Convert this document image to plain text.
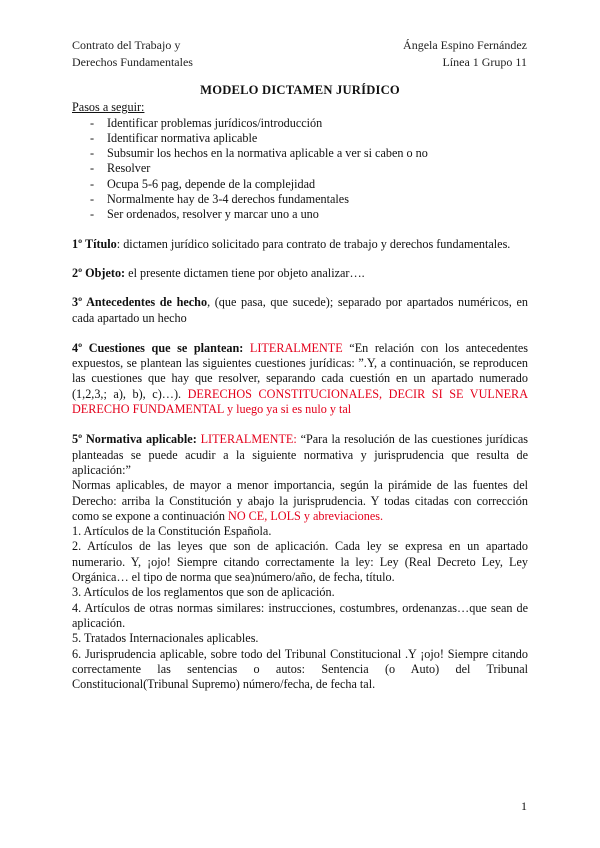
Contrato del Trabajo y
Derechos Fundamentales
Ángela Espino Fernández
Línea 1 Grupo 11
MODELO DICTAMEN JURÍDICO

Pasos a seguir:

- Identificar problemas jurídicos/introducción
- Identificar normativa aplicable
- Subsumir los hechos en la normativa aplicable a ver si caben o no
- Resolver
- Ocupa 5-6 pag, depende de la complejidad
- Normalmente hay de 3-4 derechos fundamentales
- Ser ordenados, resolver y marcar uno a uno

1º Título: dictamen jurídico solicitado para contrato de trabajo y derechos fundamentales.

2º Objeto: el presente dictamen tiene por objeto analizar….

3º Antecedentes de hecho, (que pasa, que sucede); separado por apartados numéricos, en cada apartado un hecho

4º Cuestiones que se plantean: LITERALMENTE “En relación con los antecedentes expuestos, se plantean las siguientes cuestiones jurídicas: ”.Y, a continuación, se reproducen las cuestiones que hay que resolver, separando cada cuestión en un apartado numerado (1,2,3,; a), b), c)…). DERECHOS CONSTITUCIONALES, DECIR SI SE VULNERA DERECHO FUNDAMENTAL y luego ya si es nulo y tal

5º Normativa aplicable: LITERALMENTE: “Para la resolución de las cuestiones jurídicas planteadas se puede acudir a la siguiente normativa y jurisprudencia que resulta de aplicación:”

Normas aplicables, de mayor a menor importancia, según la pirámide de las fuentes del Derecho: arriba la Constitución y abajo la jurisprudencia. Y todas citadas con corrección como se expone a continuación NO CE, LOLS y abreviaciones.

1. Artículos de la Constitución Española.

2. Artículos de las leyes que son de aplicación. Cada ley se expresa en un apartado numerario. Y, ¡ojo! Siempre citando correctamente la ley: Ley (Real Decreto Ley, Ley Orgánica… el tipo de norma que sea)número/año, de fecha, título.

3. Artículos de los reglamentos que son de aplicación.

4. Artículos de otras normas similares: instrucciones, costumbres, ordenanzas…que sean de aplicación.

5. Tratados Internacionales aplicables.

6. Jurisprudencia aplicable, sobre todo del Tribunal Constitucional .Y ¡ojo! Siempre citando correctamente las sentencias o autos: Sentencia (o Auto) del Tribunal Constitucional(Tribunal Supremo) número/fecha, de fecha tal.

1
